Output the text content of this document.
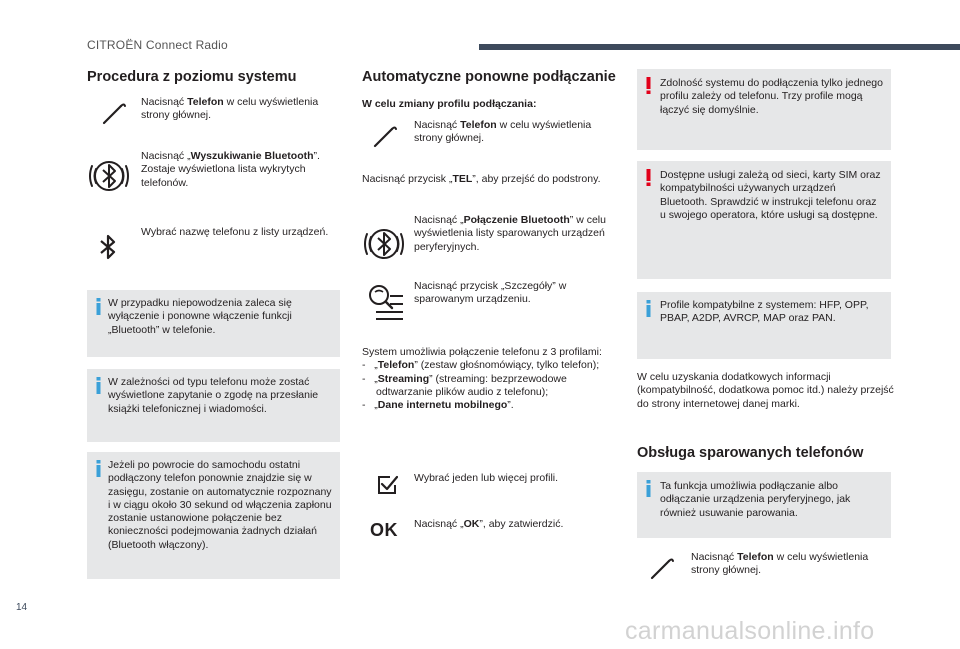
CITROËN Connect Radio
Procedura z poziomu systemu
Nacisnąć Telefon w celu wyświetlenia strony głównej.
Nacisnąć „Wyszukiwanie Bluetooth”. Zostaje wyświetlona lista wykrytych telefonów.
Wybrać nazwę telefonu z listy urządzeń.
W przypadku niepowodzenia zaleca się wyłączenie i ponowne włączenie funkcji „Bluetooth” w telefonie.
W zależności od typu telefonu może zostać wyświetlone zapytanie o zgodę na przesłanie książki telefonicznej i wiadomości.
Jeżeli po powrocie do samochodu ostatni podłączony telefon ponownie znajdzie się w zasięgu, zostanie on automatycznie rozpoznany i w ciągu około 30 sekund od włączenia zapłonu zostanie ustanowione połączenie bez konieczności podejmowania żadnych działań (Bluetooth włączony).
Automatyczne ponowne podłączanie
W celu zmiany profilu podłączania:
Nacisnąć Telefon w celu wyświetlenia strony głównej.
Nacisnąć przycisk „TEL”, aby przejść do podstrony.
Nacisnąć „Połączenie Bluetooth” w celu wyświetlenia listy sparowanych urządzeń peryferyjnych.
Nacisnąć przycisk „Szczegóły” w sparowanym urządzeniu.
System umożliwia połączenie telefonu z 3 profilami:
- „Telefon” (zestaw głośnomówiący, tylko telefon);
- „Streaming” (streaming: bezprzewodowe odtwarzanie plików audio z telefonu);
- „Dane internetu mobilnego”.
Wybrać jeden lub więcej profili.
OK Nacisnąć „OK”, aby zatwierdzić.
Zdolność systemu do podłączenia tylko jednego profilu zależy od telefonu. Trzy profile mogą łączyć się domyślnie.
Dostępne usługi zależą od sieci, karty SIM oraz kompatybilności używanych urządzeń Bluetooth. Sprawdzić w instrukcji telefonu oraz u swojego operatora, które usługi są dostępne.
Profile kompatybilne z systemem: HFP, OPP, PBAP, A2DP, AVRCP, MAP oraz PAN.
W celu uzyskania dodatkowych informacji (kompatybilność, dodatkowa pomoc itd.) należy przejść do strony internetowej danej marki.
Obsługa sparowanych telefonów
Ta funkcja umożliwia podłączanie albo odłączanie urządzenia peryferyjnego, jak również usuwanie parowania.
Nacisnąć Telefon w celu wyświetlenia strony głównej.
14
carmanualsonline.info
